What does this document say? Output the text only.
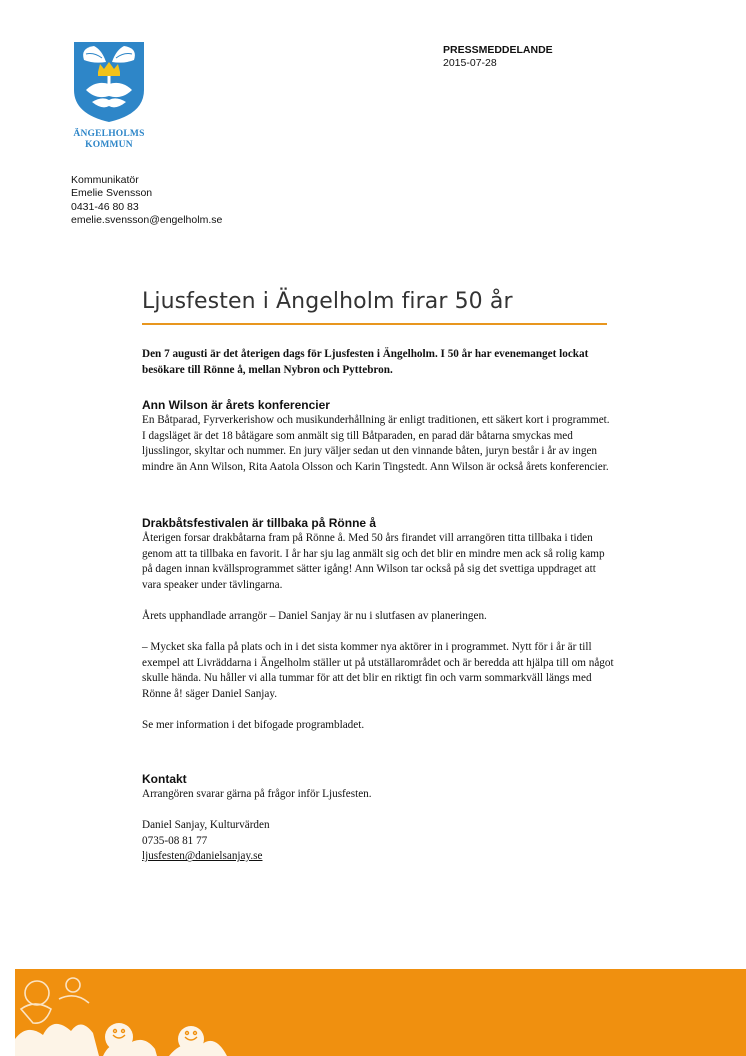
ÄNGELHOLMS
KOMMUN
PRESSMEDDELANDE
2015-07-28
Kommunikatör
Emelie Svensson
0431-46 80 83
emelie.svensson@engelholm.se
Ljusfesten i Ängelholm firar 50 år

Den 7 augusti är det återigen dags för Ljusfesten i Ängelholm. I 50 år har evenemanget lockat besökare till Rönne å, mellan Nybron och Pyttebron.

Ann Wilson är årets konferencier

En Båtparad, Fyrverkerishow och musikunderhållning är enligt traditionen, ett säkert kort i programmet. I dagsläget är det 18 båtägare som anmält sig till Båtparaden, en parad där båtarna smyckas med ljusslingor, skyltar och nummer. En jury väljer sedan ut den vinnande båten, juryn består i år av ingen mindre än Ann Wilson, Rita Aatola Olsson och Karin Tingstedt. Ann Wilson är också årets konferencier.

Drakbåtsfestivalen är tillbaka på Rönne å

Återigen forsar drakbåtarna fram på Rönne å. Med 50 års firandet vill arrangören titta tillbaka i tiden genom att ta tillbaka en favorit. I år har sju lag anmält sig och det blir en mindre men ack så rolig kamp på dagen innan kvällsprogrammet sätter igång! Ann Wilson tar också på sig det svettiga uppdraget att vara speaker under tävlingarna.

Årets upphandlade arrangör – Daniel Sanjay är nu i slutfasen av planeringen.

– Mycket ska falla på plats och in i det sista kommer nya aktörer in i programmet. Nytt för i år är till exempel att Livräddarna i Ängelholm ställer ut på utställarområdet och är beredda att hjälpa till om något skulle hända. Nu håller vi alla tummar för att det blir en riktigt fin och varm sommarkväll längs med Rönne å! säger Daniel Sanjay.

Se mer information i det bifogade programbladet.

Kontakt

Arrangören svarar gärna på frågor inför Ljusfesten.

Daniel Sanjay, Kulturvärden

0735-08 81 77

ljusfesten@danielsanjay.se
